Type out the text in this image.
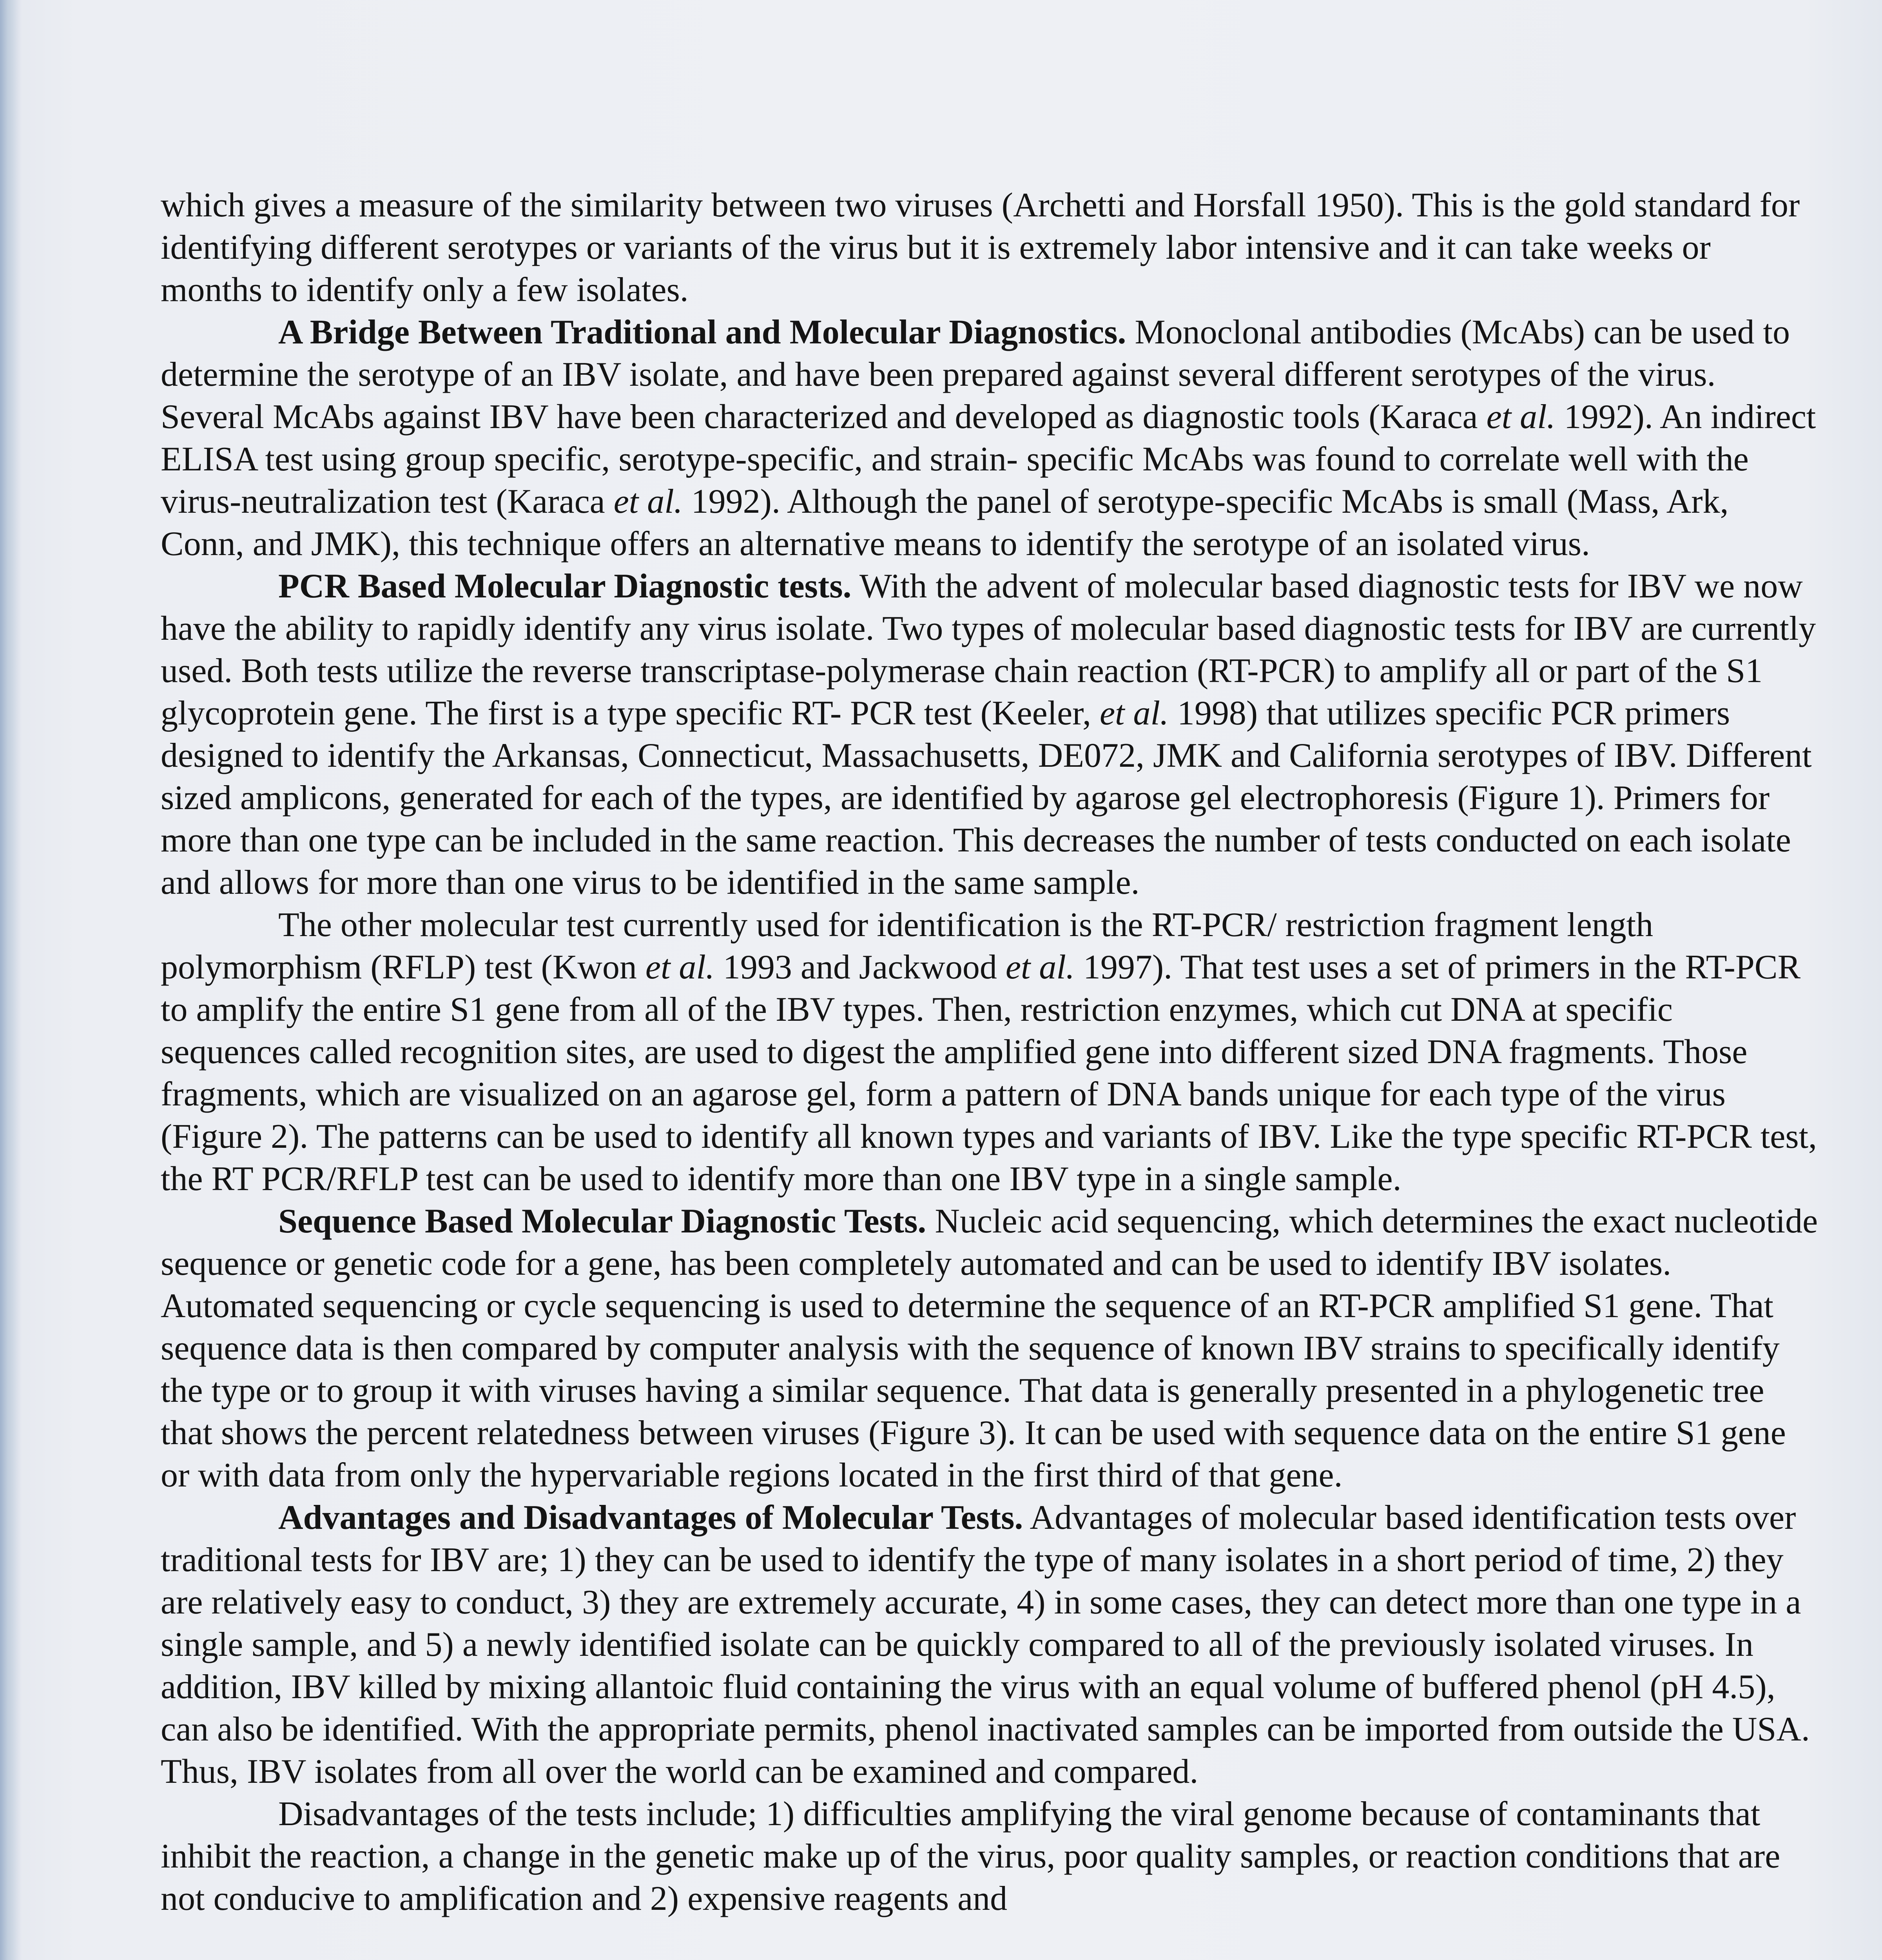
which gives a measure of the similarity between two viruses (Archetti and Horsfall 1950). This is the gold standard for identifying different serotypes or variants of the virus but it is extremely labor intensive and it can take weeks or months to identify only a few isolates.

A Bridge Between Traditional and Molecular Diagnostics. Monoclonal antibodies (McAbs) can be used to determine the serotype of an IBV isolate, and have been prepared against several different serotypes of the virus. Several McAbs against IBV have been characterized and developed as diagnostic tools (Karaca et al. 1992). An indirect ELISA test using group specific, serotype-specific, and strain- specific McAbs was found to correlate well with the virus-neutralization test (Karaca et al. 1992). Although the panel of serotype-specific McAbs is small (Mass, Ark, Conn, and JMK), this technique offers an alternative means to identify the serotype of an isolated virus.

PCR Based Molecular Diagnostic tests. With the advent of molecular based diagnostic tests for IBV we now have the ability to rapidly identify any virus isolate. Two types of molecular based diagnostic tests for IBV are currently used. Both tests utilize the reverse transcriptase-polymerase chain reaction (RT-PCR) to amplify all or part of the S1 glycoprotein gene. The first is a type specific RT- PCR test (Keeler, et al. 1998) that utilizes specific PCR primers designed to identify the Arkansas, Connecticut, Massachusetts, DE072, JMK and California serotypes of IBV. Different sized amplicons, generated for each of the types, are identified by agarose gel electrophoresis (Figure 1). Primers for more than one type can be included in the same reaction. This decreases the number of tests conducted on each isolate and allows for more than one virus to be identified in the same sample.

The other molecular test currently used for identification is the RT-PCR/ restriction fragment length polymorphism (RFLP) test (Kwon et al. 1993 and Jackwood et al. 1997). That test uses a set of primers in the RT-PCR to amplify the entire S1 gene from all of the IBV types. Then, restriction enzymes, which cut DNA at specific sequences called recognition sites, are used to digest the amplified gene into different sized DNA fragments. Those fragments, which are visualized on an agarose gel, form a pattern of DNA bands unique for each type of the virus (Figure 2). The patterns can be used to identify all known types and variants of IBV. Like the type specific RT-PCR test, the RT PCR/RFLP test can be used to identify more than one IBV type in a single sample.

Sequence Based Molecular Diagnostic Tests. Nucleic acid sequencing, which determines the exact nucleotide sequence or genetic code for a gene, has been completely automated and can be used to identify IBV isolates. Automated sequencing or cycle sequencing is used to determine the sequence of an RT-PCR amplified S1 gene. That sequence data is then compared by computer analysis with the sequence of known IBV strains to specifically identify the type or to group it with viruses having a similar sequence. That data is generally presented in a phylogenetic tree that shows the percent relatedness between viruses (Figure 3). It can be used with sequence data on the entire S1 gene or with data from only the hypervariable regions located in the first third of that gene.

Advantages and Disadvantages of Molecular Tests. Advantages of molecular based identification tests over traditional tests for IBV are; 1) they can be used to identify the type of many isolates in a short period of time, 2) they are relatively easy to conduct, 3) they are extremely accurate, 4) in some cases, they can detect more than one type in a single sample, and 5) a newly identified isolate can be quickly compared to all of the previously isolated viruses. In addition, IBV killed by mixing allantoic fluid containing the virus with an equal volume of buffered phenol (pH 4.5), can also be identified. With the appropriate permits, phenol inactivated samples can be imported from outside the USA. Thus, IBV isolates from all over the world can be examined and compared.

Disadvantages of the tests include; 1) difficulties amplifying the viral genome because of contaminants that inhibit the reaction, a change in the genetic make up of the virus, poor quality samples, or reaction conditions that are not conducive to amplification and 2) expensive reagents and
